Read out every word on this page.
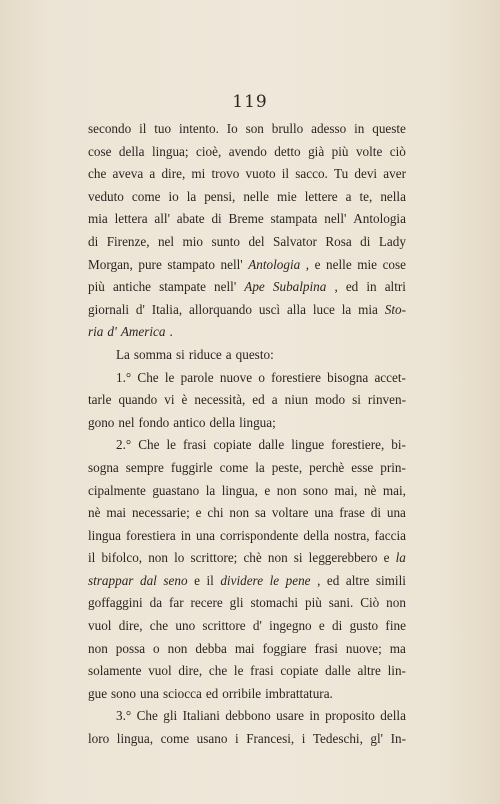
119
secondo il tuo intento. Io son brullo adesso in queste
cose della lingua; cioè, avendo detto già più volte ciò
che aveva a dire, mi trovo vuoto il sacco. Tu devi aver
veduto come io la pensi, nelle mie lettere a te, nella
mia lettera all' abate di Breme stampata nell' Antologia
di Firenze, nel mio sunto del Salvator Rosa di Lady
Morgan, pure stampato nell' Antologia , e nelle mie cose
più antiche stampate nell' Ape Subalpina , ed in altri
giornali d' Italia, allorquando uscì alla luce la mia Sto-
ria d' America .
La somma si riduce a questo:
1.° Che le parole nuove o forestiere bisogna accet-
tarle quando vi è necessità, ed a niun modo si rinven-
gono nel fondo antico della lingua;
2.° Che le frasi copiate dalle lingue forestiere, bi-
sogna sempre fuggirle come la peste, perchè esse prin-
cipalmente guastano la lingua, e non sono mai, nè mai,
nè mai necessarie; e chi non sa voltare una frase di una
lingua forestiera in una corrispondente della nostra, faccia
il bifolco, non lo scrittore; chè non si leggerebbero e la
strappar dal seno e il dividere le pene , ed altre simili
goffaggini da far recere gli stomachi più sani. Ciò non
vuol dire, che uno scrittore d' ingegno e di gusto fine
non possa o non debba mai foggiare frasi nuove; ma
solamente vuol dire, che le frasi copiate dalle altre lin-
gue sono una sciocca ed orribile imbrattatura.
3.° Che gli Italiani debbono usare in proposito della
loro lingua, come usano i Francesi, i Tedeschi, gl' In-
